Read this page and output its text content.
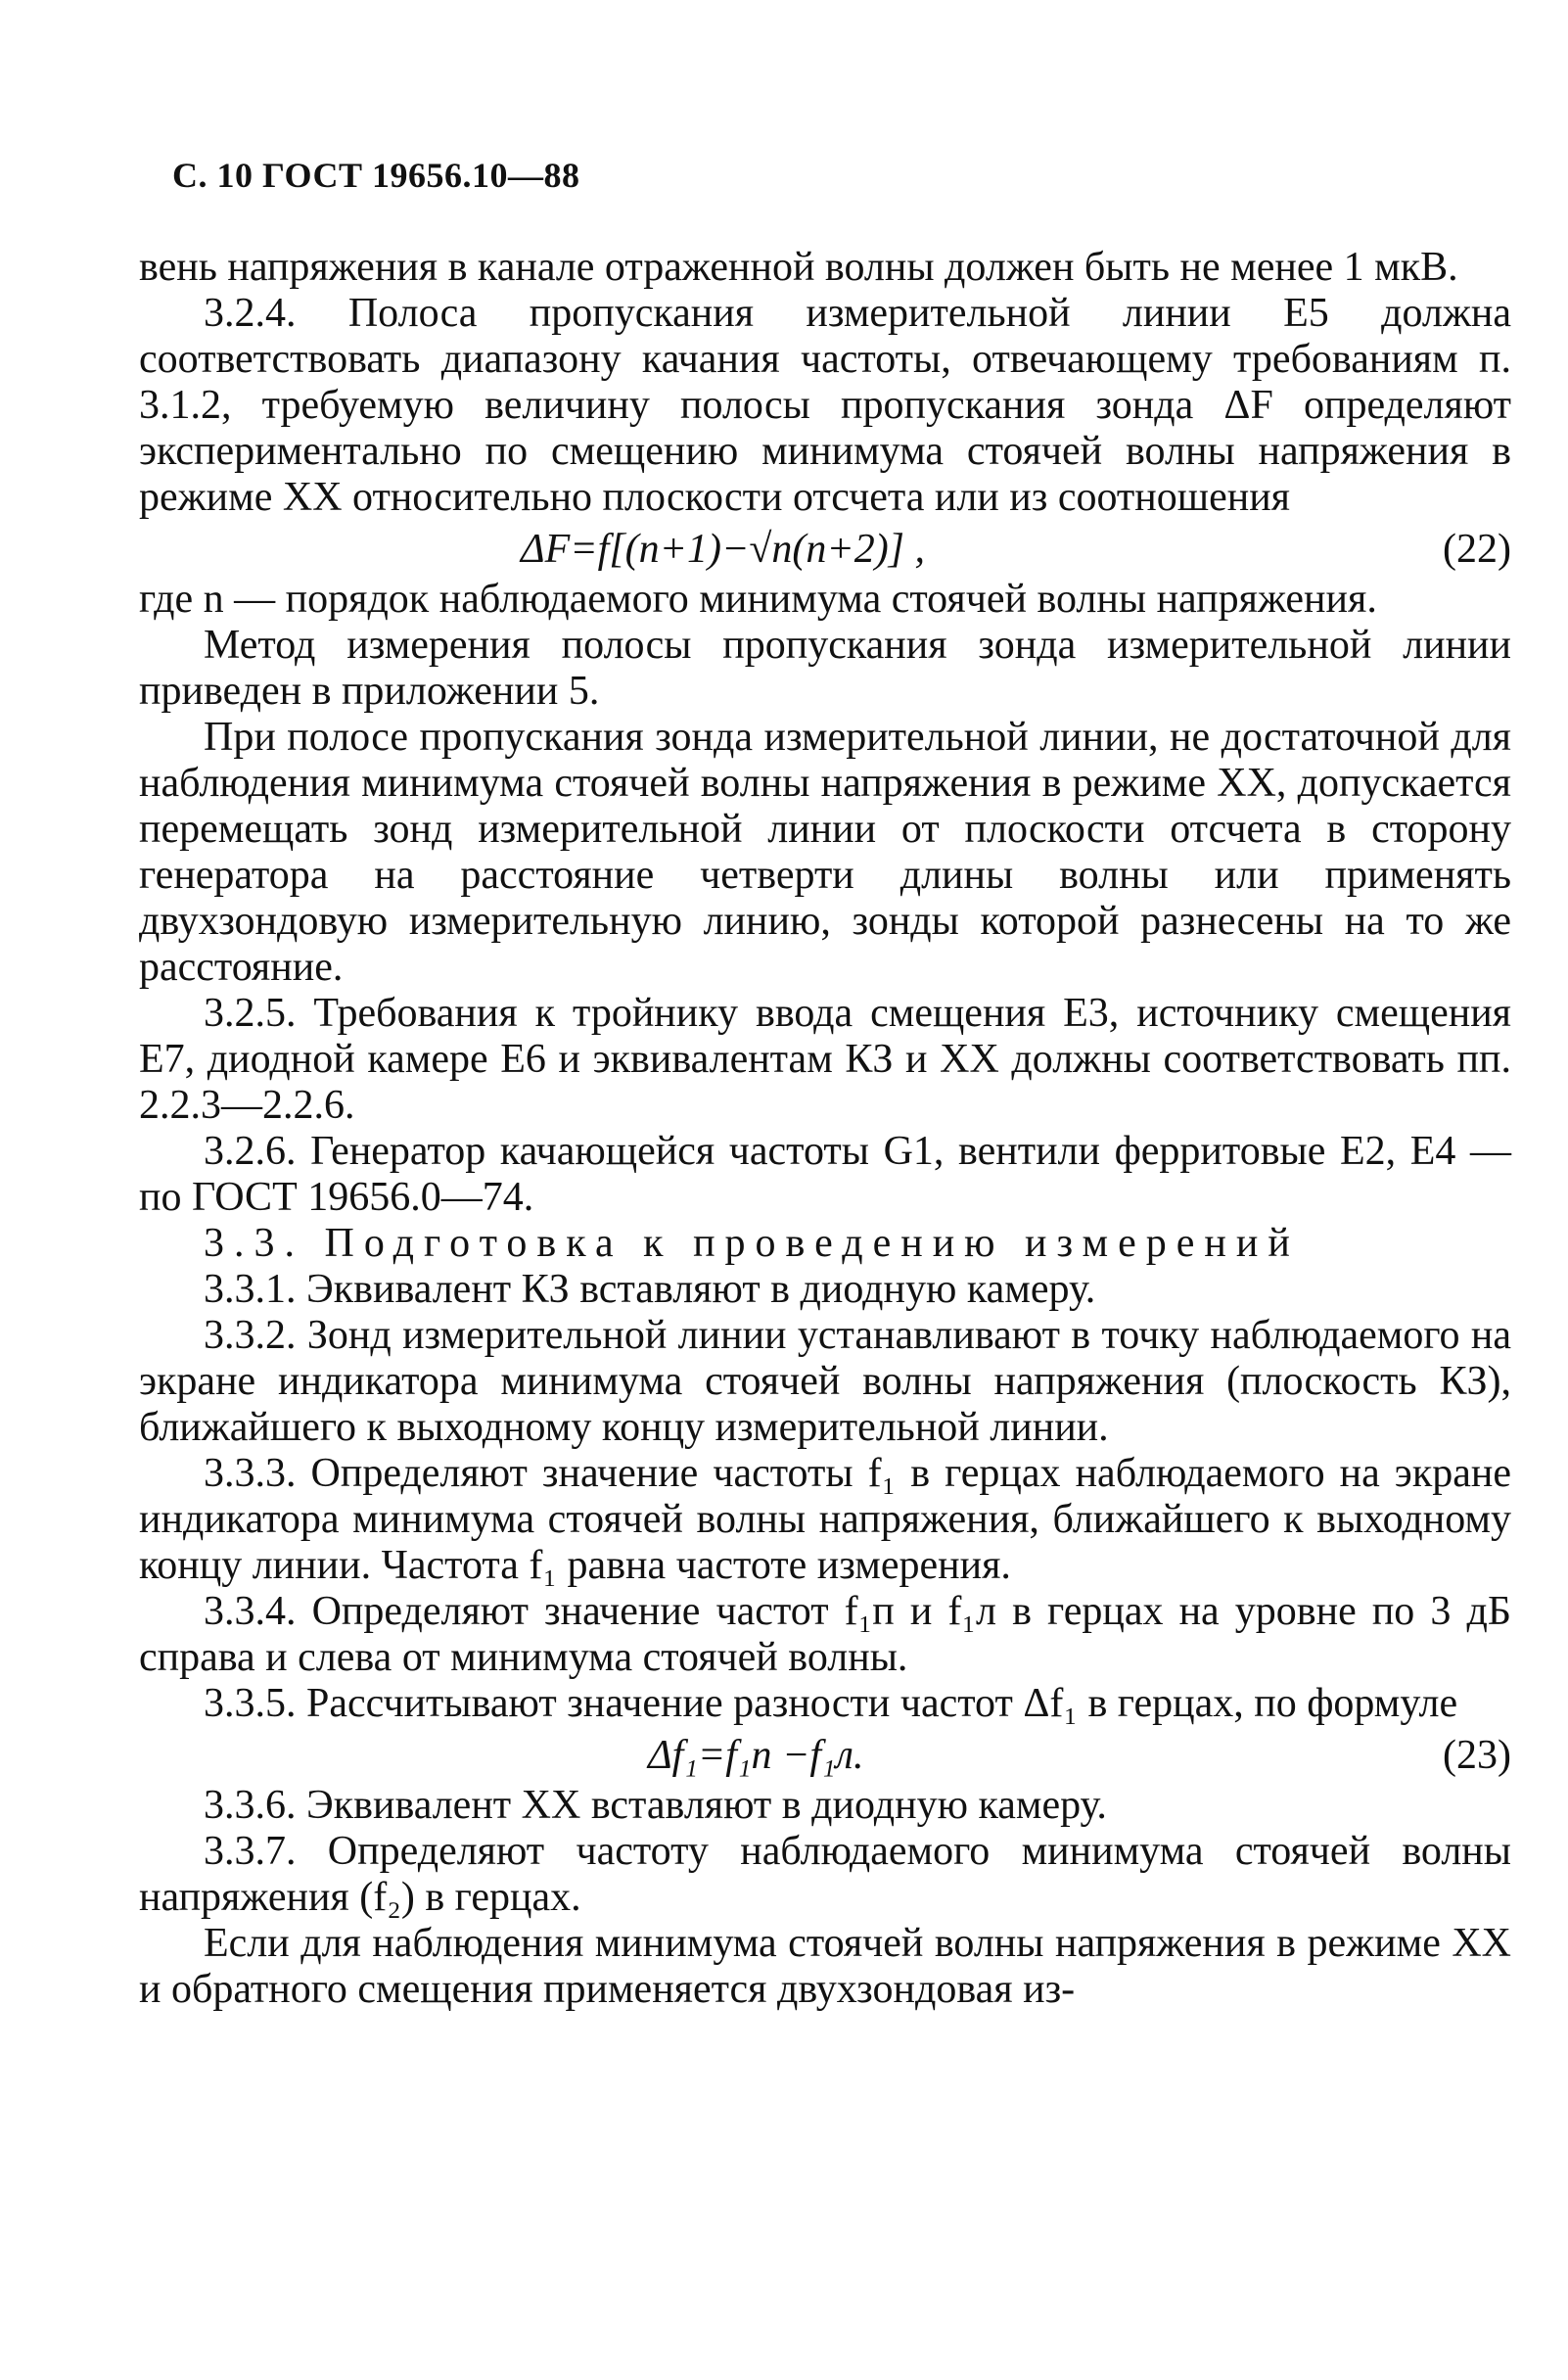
С. 10 ГОСТ 19656.10—88

вень напряжения в канале отраженной волны должен быть не менее 1 мкВ.

3.2.4. Полоса пропускания измерительной линии E5 должна соответствовать диапазону качания частоты, отвечающему требованиям п. 3.1.2, требуемую величину полосы пропускания зонда ΔF определяют экспериментально по смещению минимума стоячей волны напряжения в режиме ХХ относительно плоскости отсчета или из соотношения

ΔF=f[(n+1)−√n(n+2)] ,	(22)

где n — порядок наблюдаемого минимума стоячей волны напряжения.

Метод измерения полосы пропускания зонда измерительной линии приведен в приложении 5.

При полосе пропускания зонда измерительной линии, не достаточной для наблюдения минимума стоячей волны напряжения в режиме ХХ, допускается перемещать зонд измерительной линии от плоскости отсчета в сторону генератора на расстояние четверти длины волны или применять двухзондовую измерительную линию, зонды которой разнесены на то же расстояние.

3.2.5. Требования к тройнику ввода смещения E3, источнику смещения E7, диодной камере E6 и эквивалентам КЗ и ХХ должны соответствовать пп. 2.2.3—2.2.6.

3.2.6. Генератор качающейся частоты G1, вентили ферритовые E2, E4 — по ГОСТ 19656.0—74.

3.3. Подготовка к проведению измерений

3.3.1. Эквивалент КЗ вставляют в диодную камеру.

3.3.2. Зонд измерительной линии устанавливают в точку наблюдаемого на экране индикатора минимума стоячей волны напряжения (плоскость КЗ), ближайшего к выходному концу измерительной линии.

3.3.3. Определяют значение частоты f₁ в герцах наблюдаемого на экране индикатора минимума стоячей волны напряжения, ближайшего к выходному концу линии. Частота f₁ равна частоте измерения.

3.3.4. Определяют значение частот f₁п и f₁л в герцах на уровне по 3 дБ справа и слева от минимума стоячей волны.

3.3.5. Рассчитывают значение разности частот Δf₁ в герцах, по формуле

Δf₁=f₁п −f₁л.	(23)

3.3.6. Эквивалент ХХ вставляют в диодную камеру.

3.3.7. Определяют частоту наблюдаемого минимума стоячей волны напряжения (f₂) в герцах.

Если для наблюдения минимума стоячей волны напряжения в режиме ХХ и обратного смещения применяется двухзондовая из-
